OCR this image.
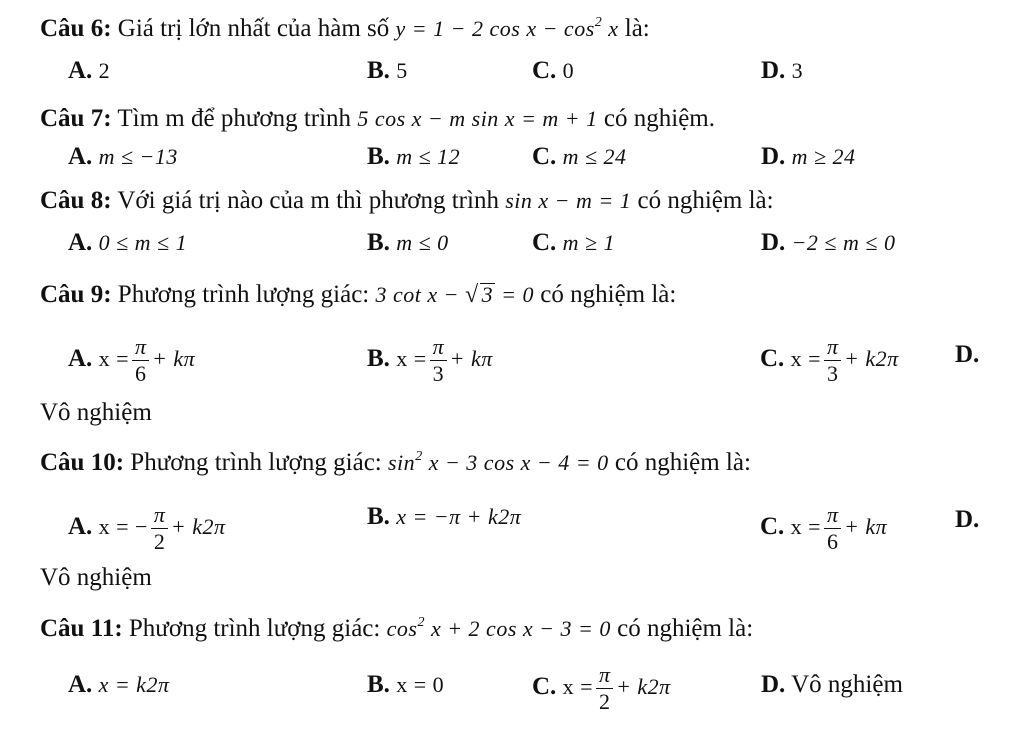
Câu 6: Giá trị lớn nhất của hàm số y = 1 − 2 $\cos x - \cos^2 x$ là:
A. 2	B. 5	C. 0	D. 3
Câu 7: Tìm m để phương trình 5 cos x − m sin x = m + 1 có nghiệm.
A. m ≤ −13	B. m ≤ 12	C. m ≤ 24	D. m ≥ 24
Câu 8: Với giá trị nào của m thì phương trình sin x − m = 1 có nghiệm là:
A. 0 ≤ m ≤ 1	B. m ≤ 0	C. m ≥ 1	D. −2 ≤ m ≤ 0
Câu 9: Phương trình lượng giác: 3 cot x − √ 3 = 0 có nghiệm là:
A. $x = \frac{\pi}{6} + k\pi$	B. $x = \frac{\pi}{3} + k\pi$	C. $x = \frac{\pi}{3} + k2\pi$ D.
Vô nghiệm
Câu 10: Phương trình lượng giác: $\sin^2 x - 3$ cos x − 4 = 0 có nghiệm là:
A. x = − $\frac{\pi}{2} + k2\pi$	B. x = −π + k2π	C. $x = \frac{\pi}{6} + k\pi$	D.
Vô nghiệm
Câu 11: Phương trình lượng giác: $\cos^2 x + 2$ cos x − 3 = 0 có nghiệm là:
A. x = k2π	B. x = 0	C. $x = \frac{\pi}{2} + k2\pi$	D. Vô nghiệm
